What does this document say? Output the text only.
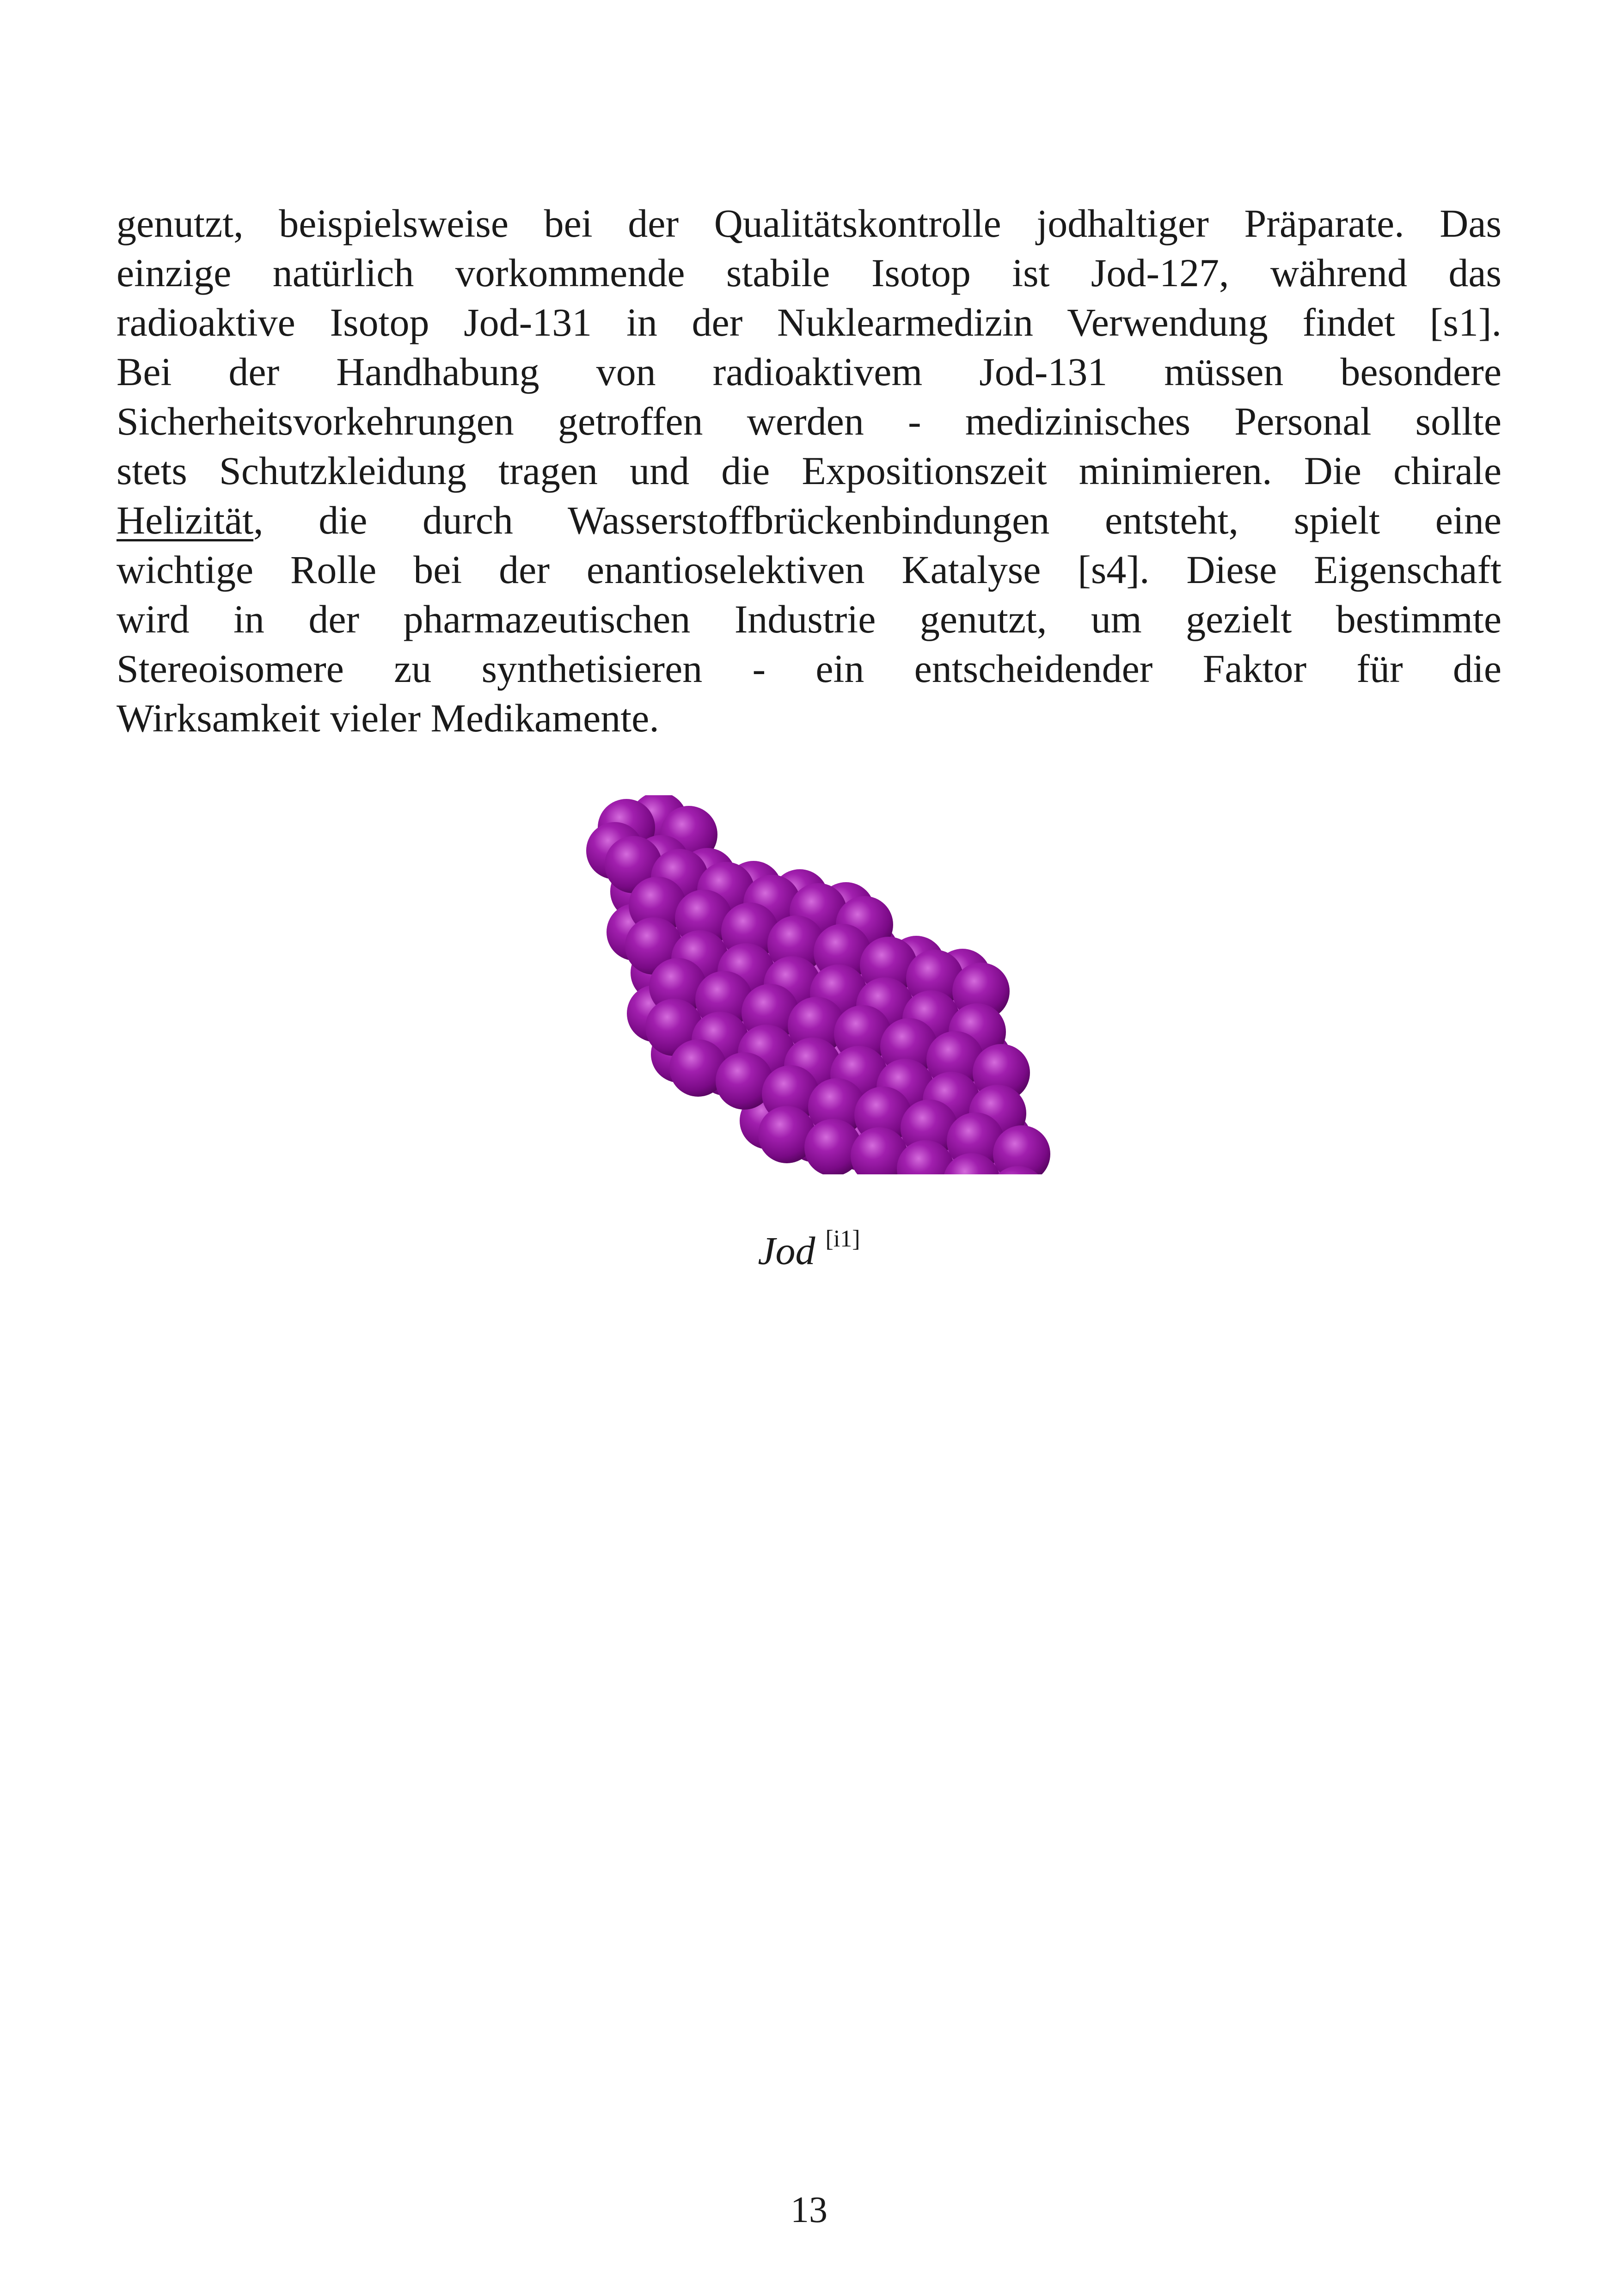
genutzt, beispielsweise bei der Qualitätskontrolle jodhaltiger Präparate. Das
einzige natürlich vorkommende stabile Isotop ist Jod-127, während das
radioaktive Isotop Jod-131 in der Nuklearmedizin Verwendung findet [s1].
Bei der Handhabung von radioaktivem Jod-131 müssen besondere
Sicherheitsvorkehrungen getroffen werden - medizinisches Personal sollte
stets Schutzkleidung tragen und die Expositionszeit minimieren. Die chirale
Helizität, die durch Wasserstoffbrückenbindungen entsteht, spielt eine
wichtige Rolle bei der enantioselektiven Katalyse [s4]. Diese Eigenschaft
wird in der pharmazeutischen Industrie genutzt, um gezielt bestimmte
Stereoisomere zu synthetisieren - ein entscheidender Faktor für die
Wirksamkeit vieler Medikamente.
Jod [i1]
13
